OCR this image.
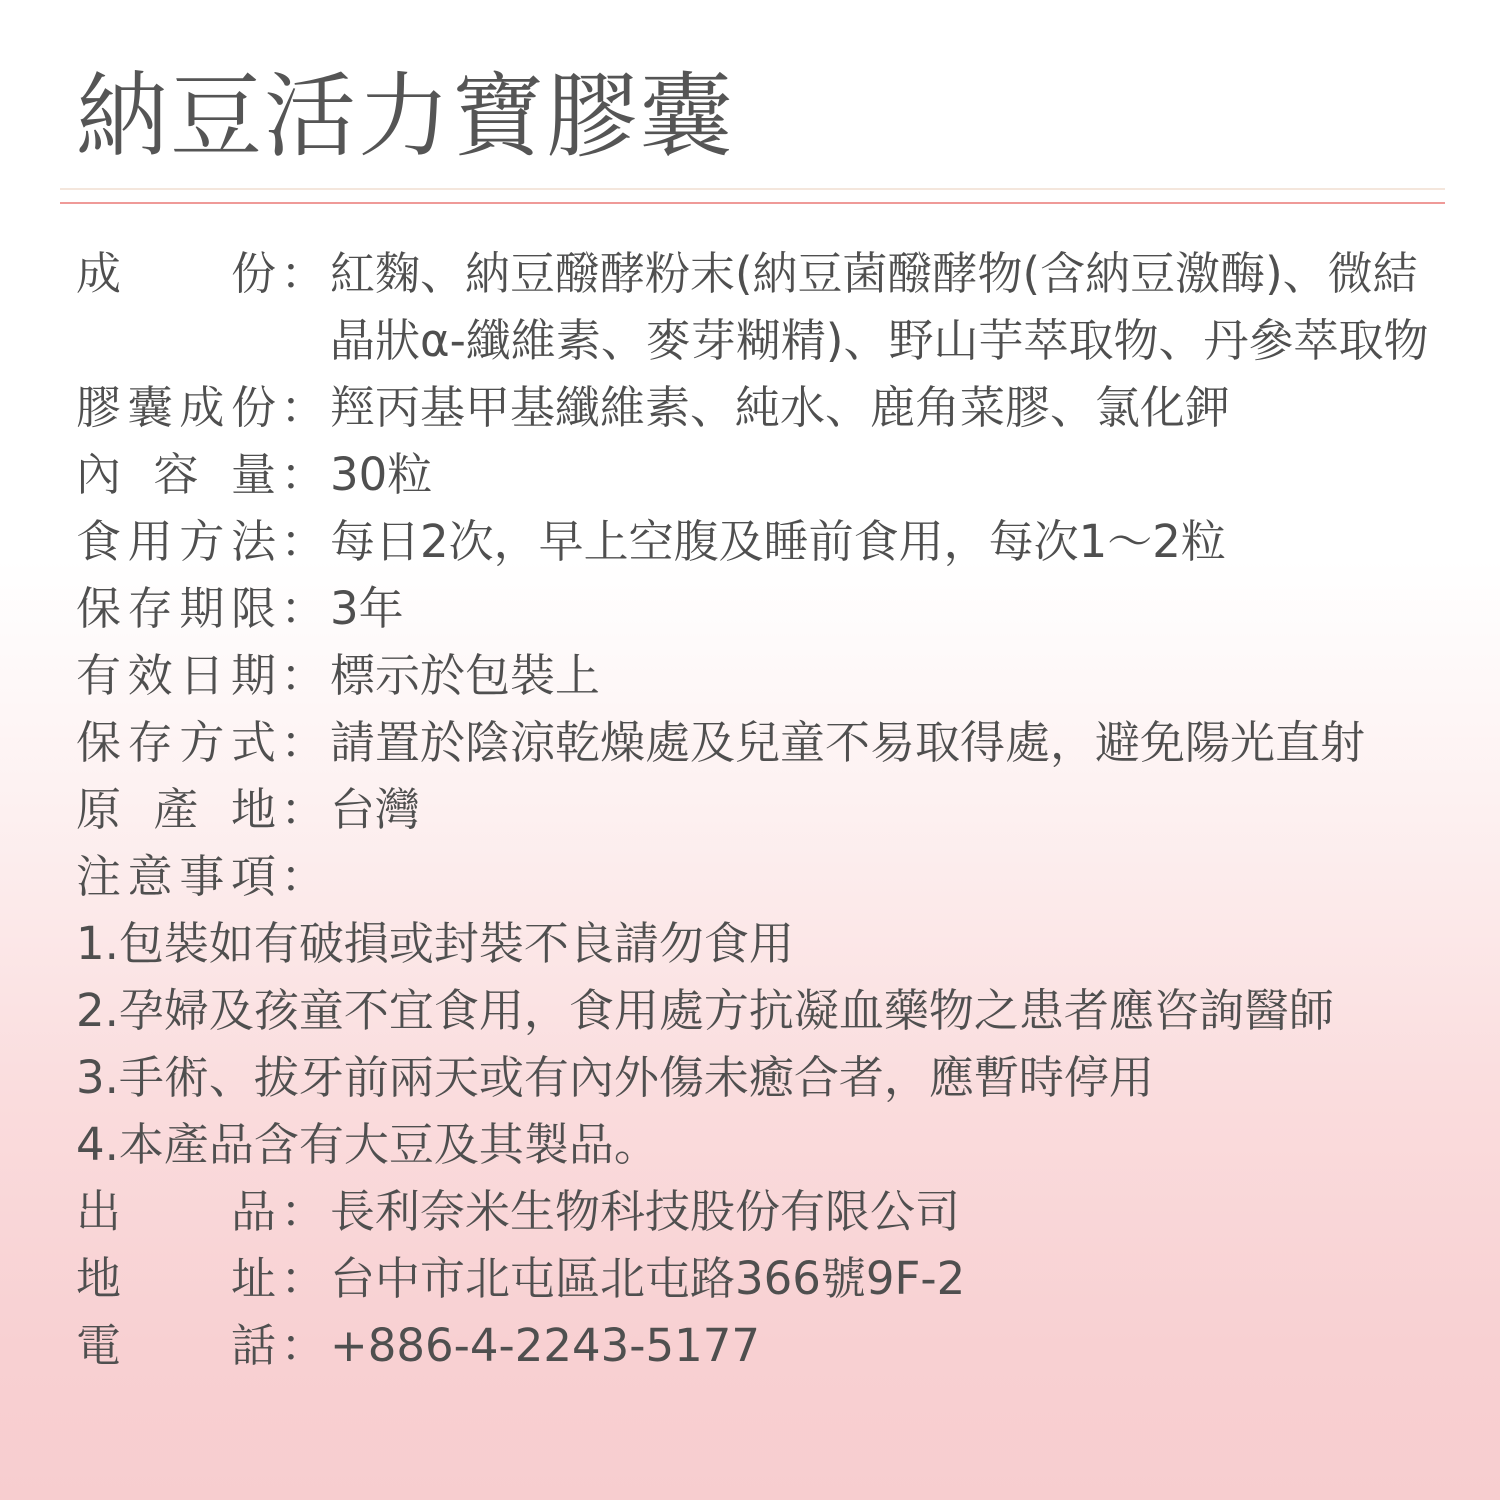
納豆活力寶膠囊
成 份 ： 紅麴、納豆醱酵粉末(納豆菌醱酵物(含納豆激酶)、微結晶狀α-纖維素、麥芽糊精)、野山芋萃取物、丹參萃取物
膠 囊 成 份 ： 羥丙基甲基纖維素、純水、鹿角菜膠、氯化鉀
內 容 量 ： 30粒
食 用 方 法 ： 每日2次，早上空腹及睡前食用，每次1～2粒
保 存 期 限 ： 3年
有 效 日 期 ： 標示於包裝上
保 存 方 式 ： 請置於陰涼乾燥處及兒童不易取得處，避免陽光直射
原 產 地 ： 台灣
注 意 事 項 ：
1.包裝如有破損或封裝不良請勿食用
2.孕婦及孩童不宜食用，食用處方抗凝血藥物之患者應咨詢醫師
3.手術、拔牙前兩天或有內外傷未癒合者，應暫時停用
4.本產品含有大豆及其製品。
出 品 ： 長利奈米生物科技股份有限公司
地 址 ： 台中市北屯區北屯路366號9F-2
電 話 ： +886-4-2243-5177
